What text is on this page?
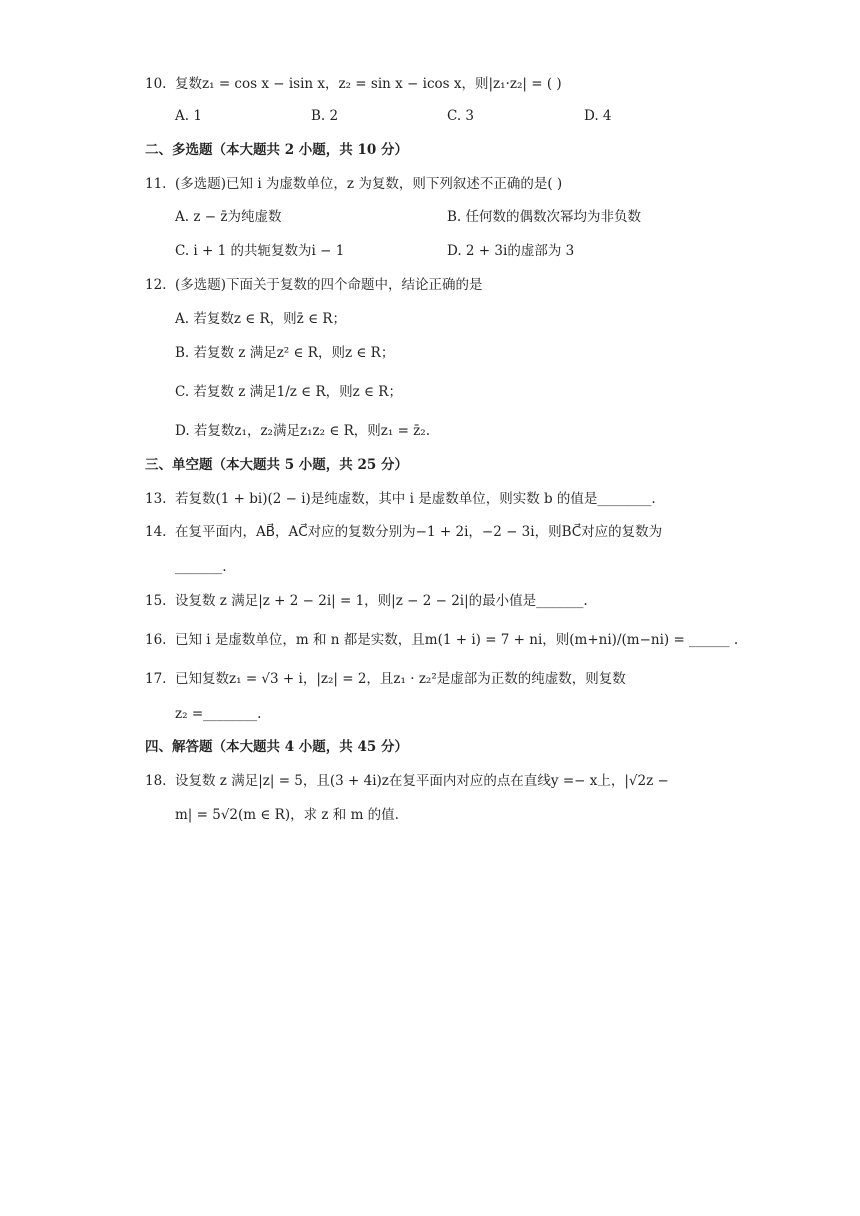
10. 复数z₁ = cos x − isin x，z₂ = sin x − icos x，则|z₁·z₂| = ( )
A. 1	B. 2	C. 3	D. 4
二、多选题（本大题共 2 小题，共 10 分）
11. (多选题)已知 i 为虚数单位，z 为复数，则下列叙述不正确的是( )
A. z − z̄为纯虚数	B. 任何数的偶数次幂均为非负数
C. i + 1 的共轭复数为i − 1	D. 2 + 3i的虚部为 3
12. (多选题)下面关于复数的四个命题中，结论正确的是
A. 若复数z ∈ R，则z̄ ∈ R；
B. 若复数 z 满足z² ∈ R，则z ∈ R；
C. 若复数 z 满足1/z ∈ R，则z ∈ R；
D. 若复数z₁，z₂满足z₁z₂ ∈ R，则z₁ = z̄₂.
三、单空题（本大题共 5 小题，共 25 分）
13. 若复数(1 + bi)(2 − i)是纯虚数，其中 i 是虚数单位，则实数 b 的值是________.
14. 在复平面内，AB⃗，AC⃗对应的复数分别为−1 + 2i，−2 − 3i，则BC⃗对应的复数为
_______.
15. 设复数 z 满足|z + 2 − 2i| = 1，则|z − 2 − 2i|的最小值是_______.
16. 已知 i 是虚数单位，m 和 n 都是实数，且m(1 + i) = 7 + ni，则(m+ni)/(m−ni) = ______ .
17. 已知复数z₁ = √3 + i，|z₂| = 2，且z₁ · z₂²是虚部为正数的纯虚数，则复数
z₂ =________.
四、解答题（本大题共 4 小题，共 45 分）
18. 设复数 z 满足|z| = 5，且(3 + 4i)z在复平面内对应的点在直线y =− x上，|√2z −
m| = 5√2(m ∈ R)，求 z 和 m 的值.
